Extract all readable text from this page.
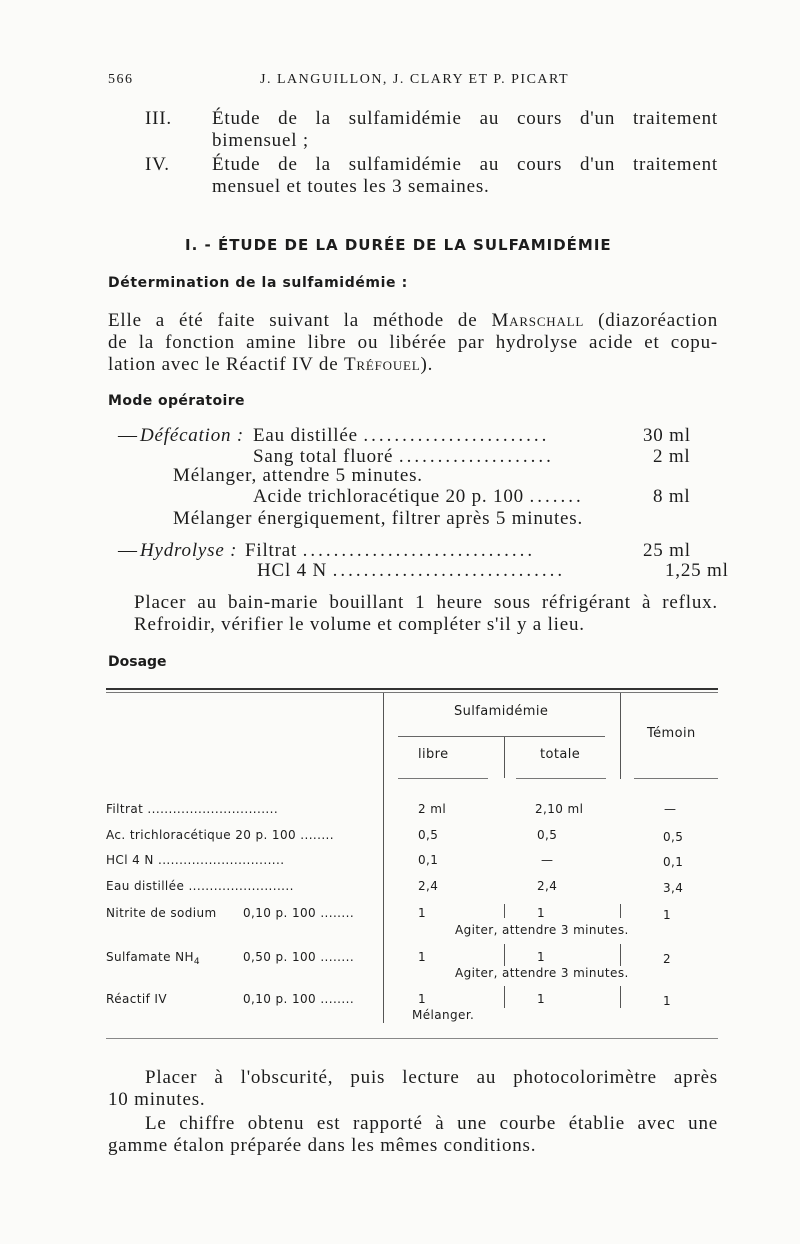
566	J. LANGUILLON, J. CLARY ET P. PICART
III. Étude de la sulfamidémie au cours d'un traitement
bimensuel ;
IV. Étude de la sulfamidémie au cours d'un traitement
mensuel et toutes les 3 semaines.
I. - ÉTUDE DE LA DURÉE DE LA SULFAMIDÉMIE
Détermination de la sulfamidémie :
Elle a été faite suivant la méthode de Marschall (diazoréaction
de la fonction amine libre ou libérée par hydrolyse acide et copu-
lation avec le Réactif IV de Tréfouel).
Mode opératoire
— Défécation : Eau distillée ........................	30 ml
Sang total fluoré ....................	2 ml
Mélanger, attendre 5 minutes.
Acide trichloracétique 20 p. 100 .......	8 ml
Mélanger énergiquement, filtrer après 5 minutes.
— Hydrolyse : Filtrat ..............................	25 ml
HCl 4 N ..............................	1,25 ml
Placer au bain-marie bouillant 1 heure sous réfrigérant à reflux.
Refroidir, vérifier le volume et compléter s'il y a lieu.
Dosage
Sulfamidémie
Témoin
libre	totale
Filtrat ...............................	2 ml	2,10 ml	—
Ac. trichloracétique 20 p. 100 ........	0,5	0,5	0,5
HCl 4 N ..............................	0,1	—	0,1
Eau distillée .........................	2,4	2,4	3,4
Nitrite de sodium 0,10 p. 100 ........	1	1	1
Agiter, attendre 3 minutes.
Sulfamate $NH_4$	0,50 p. 100 ........	1	1	2
Agiter, attendre 3 minutes.
Réactif IV	0,10 p. 100 ........	1	1	1
Mélanger.
Placer à l'obscurité, puis lecture au photocolorimètre après
10 minutes.
Le chiffre obtenu est rapporté à une courbe établie avec une
gamme étalon préparée dans les mêmes conditions.
